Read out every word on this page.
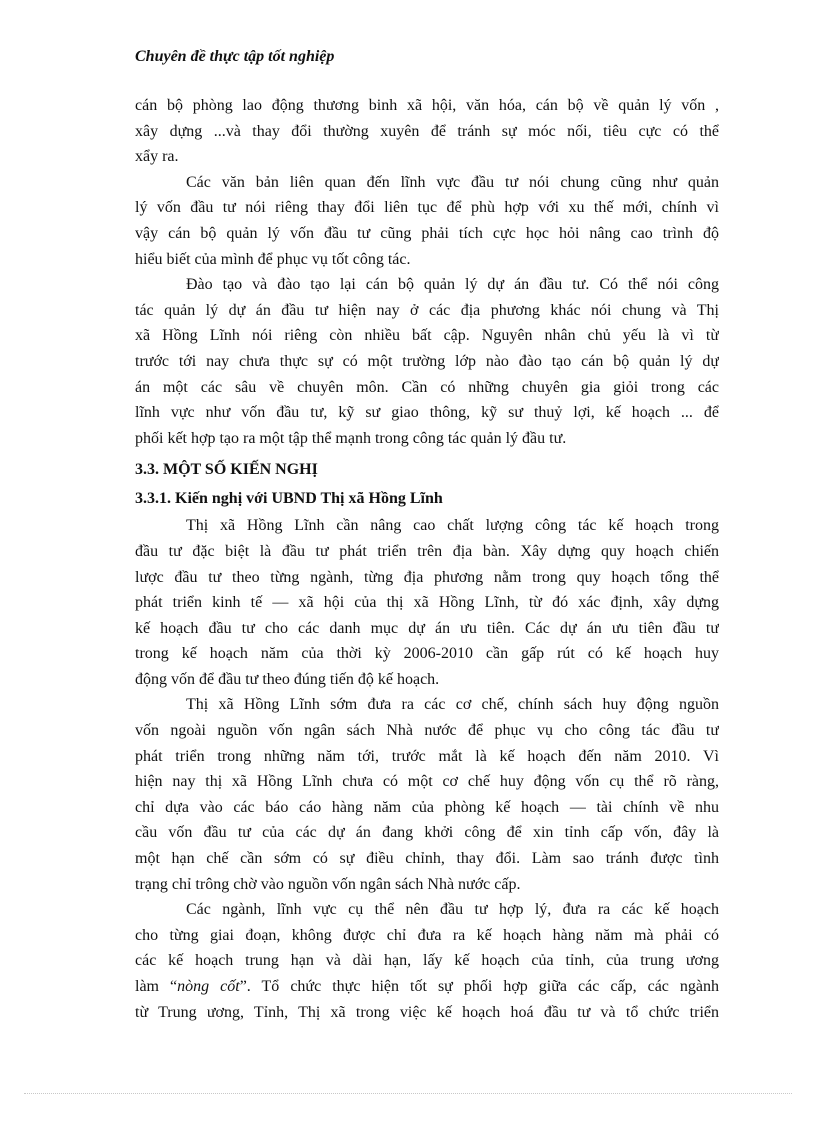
Chuyên đề thực tập tốt nghiệp
cán bộ phòng lao động thương binh xã hội, văn hóa, cán bộ về quản lý vốn ,
xây dựng ...và thay đổi thường xuyên để tránh sự móc nối, tiêu cực có thể
xẩy ra.
Các văn bản liên quan đến lĩnh vực đầu tư nói chung cũng như quản
lý vốn đầu tư nói riêng thay đổi liên tục để phù hợp với xu thế mới, chính vì
vậy cán bộ quản lý vốn đầu tư cũng phải tích cực học hỏi nâng cao trình độ
hiểu biết của mình để phục vụ tốt công tác.
Đào tạo và đào tạo lại cán bộ quản lý dự án đầu tư. Có thể nói công
tác quản lý dự án đầu tư hiện nay ở các địa phương khác nói chung và Thị
xã Hồng Lĩnh nói riêng còn nhiều bất cập. Nguyên nhân chủ yếu là vì từ
trước tới nay chưa thực sự có một trường lớp nào đào tạo cán bộ quản lý dự
án một các sâu về chuyên môn. Cần có những chuyên gia giỏi trong các
lĩnh vực như vốn đầu tư, kỹ sư giao thông, kỹ sư thuỷ lợi, kế hoạch ... để
phối kết hợp tạo ra một tập thể mạnh trong công tác quản lý đầu tư.
3.3. MỘT SỐ KIẾN NGHỊ
3.3.1. Kiến nghị với UBND Thị xã Hồng Lĩnh
Thị xã Hồng Lĩnh cần nâng cao chất lượng công tác kế hoạch trong
đầu tư đặc biệt là đầu tư phát triển trên địa bàn. Xây dựng quy hoạch chiến
lược đầu tư theo từng ngành, từng địa phương nằm trong quy hoạch tổng thể
phát triển kinh tế — xã hội của thị xã Hồng Lĩnh, từ đó xác định, xây dựng
kế hoạch đầu tư cho các danh mục dự án ưu tiên. Các dự án ưu tiên đầu tư
trong kế hoạch năm của thời kỳ 2006-2010 cần gấp rút có kế hoạch huy
động vốn để đầu tư theo đúng tiến độ kế hoạch.
Thị xã Hồng Lĩnh sớm đưa ra các cơ chế, chính sách huy động nguồn
vốn ngoài nguồn vốn ngân sách Nhà nước để phục vụ cho công tác đầu tư
phát triển trong những năm tới, trước mắt là kế hoạch đến năm 2010. Vì
hiện nay thị xã Hồng Lĩnh chưa có một cơ chế huy động vốn cụ thể rõ ràng,
chỉ dựa vào các báo cáo hàng năm của phòng kế hoạch — tài chính về nhu
cầu vốn đầu tư của các dự án đang khởi công để xin tỉnh cấp vốn, đây là
một hạn chế cần sớm có sự điều chỉnh, thay đổi. Làm sao tránh được tình
trạng chỉ trông chờ vào nguồn vốn ngân sách Nhà nước cấp.
Các ngành, lĩnh vực cụ thể nên đầu tư hợp lý, đưa ra các kế hoạch
cho từng giai đoạn, không được chỉ đưa ra kế hoạch hàng năm mà phải có
các kế hoạch trung hạn và dài hạn, lấy kế hoạch của tỉnh, của trung ương
làm “nòng cốt”. Tổ chức thực hiện tốt sự phối hợp giữa các cấp, các ngành
từ Trung ương, Tỉnh, Thị xã trong việc kế hoạch hoá đầu tư và tổ chức triển
